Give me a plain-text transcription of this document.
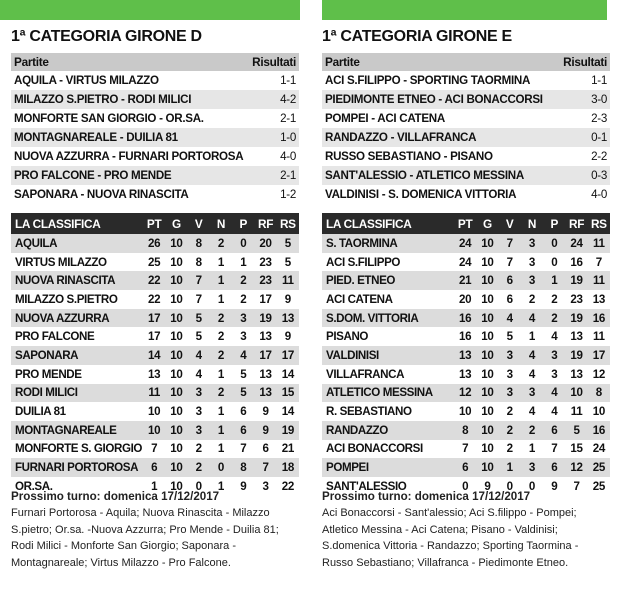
1ª CATEGORIA GIRONE D
Partite	Risultati
AQUILA - VIRTUS MILAZZO	1-1
MILAZZO S.PIETRO - RODI MILICI	4-2
MONFORTE SAN GIORGIO - OR.SA.	2-1
MONTAGNAREALE - DUILIA 81	1-0
NUOVA AZZURRA - FURNARI PORTOROSA	4-0
PRO FALCONE - PRO MENDE	2-1
SAPONARA - NUOVA RINASCITA	1-2
LA CLASSIFICA	PT	G	V	N	P	RF	RS
AQUILA	26	10	8	2	0	20	5
VIRTUS MILAZZO	25	10	8	1	1	23	5
NUOVA RINASCITA	22	10	7	1	2	23	11
MILAZZO S.PIETRO	22	10	7	1	2	17	9
NUOVA AZZURRA	17	10	5	2	3	19	13
PRO FALCONE	17	10	5	2	3	13	9
SAPONARA	14	10	4	2	4	17	17
PRO MENDE	13	10	4	1	5	13	14
RODI MILICI	11	10	3	2	5	13	15
DUILIA 81	10	10	3	1	6	9	14
MONTAGNAREALE	10	10	3	1	6	9	19
MONFORTE S. GIORGIO	7	10	2	1	7	6	21
FURNARI PORTOROSA	6	10	2	0	8	7	18
OR.SA.	1	10	0	1	9	3	22
Prossimo turno: domenica 17/12/2017
Furnari Portorosa - Aquila; Nuova Rinascita - Milazzo S.pietro; Or.sa. -Nuova Azzurra; Pro Mende - Duilia 81; Rodi Milici - Monforte San Giorgio; Saponara - Montagnareale; Virtus Milazzo - Pro Falcone.
1ª CATEGORIA GIRONE E
Partite	Risultati
ACI S.FILIPPO - SPORTING TAORMINA	1-1
PIEDIMONTE ETNEO - ACI BONACCORSI	3-0
POMPEI - ACI CATENA	2-3
RANDAZZO - VILLAFRANCA	0-1
RUSSO SEBASTIANO - PISANO	2-2
SANT'ALESSIO - ATLETICO MESSINA	0-3
VALDINISI - S. DOMENICA VITTORIA	4-0
LA CLASSIFICA	PT	G	V	N	P	RF	RS
S. TAORMINA	24	10	7	3	0	24	11
ACI S.FILIPPO	24	10	7	3	0	16	7
PIED. ETNEO	21	10	6	3	1	19	11
ACI CATENA	20	10	6	2	2	23	13
S.DOM. VITTORIA	16	10	4	4	2	19	16
PISANO	16	10	5	1	4	13	11
VALDINISI	13	10	3	4	3	19	17
VILLAFRANCA	13	10	3	4	3	13	12
ATLETICO MESSINA	12	10	3	3	4	10	8
R. SEBASTIANO	10	10	2	4	4	11	10
RANDAZZO	8	10	2	2	6	5	16
ACI BONACCORSI	7	10	2	1	7	15	24
POMPEI	6	10	1	3	6	12	25
SANT'ALESSIO	0	9	0	0	9	7	25
Prossimo turno: domenica 17/12/2017
Aci Bonaccorsi - Sant'alessio; Aci S.filippo - Pompei; Atletico Messina - Aci Catena; Pisano - Valdinisi; S.domenica Vittoria - Randazzo; Sporting Taormina - Russo Sebastiano; Villafranca - Piedimonte Etneo.
